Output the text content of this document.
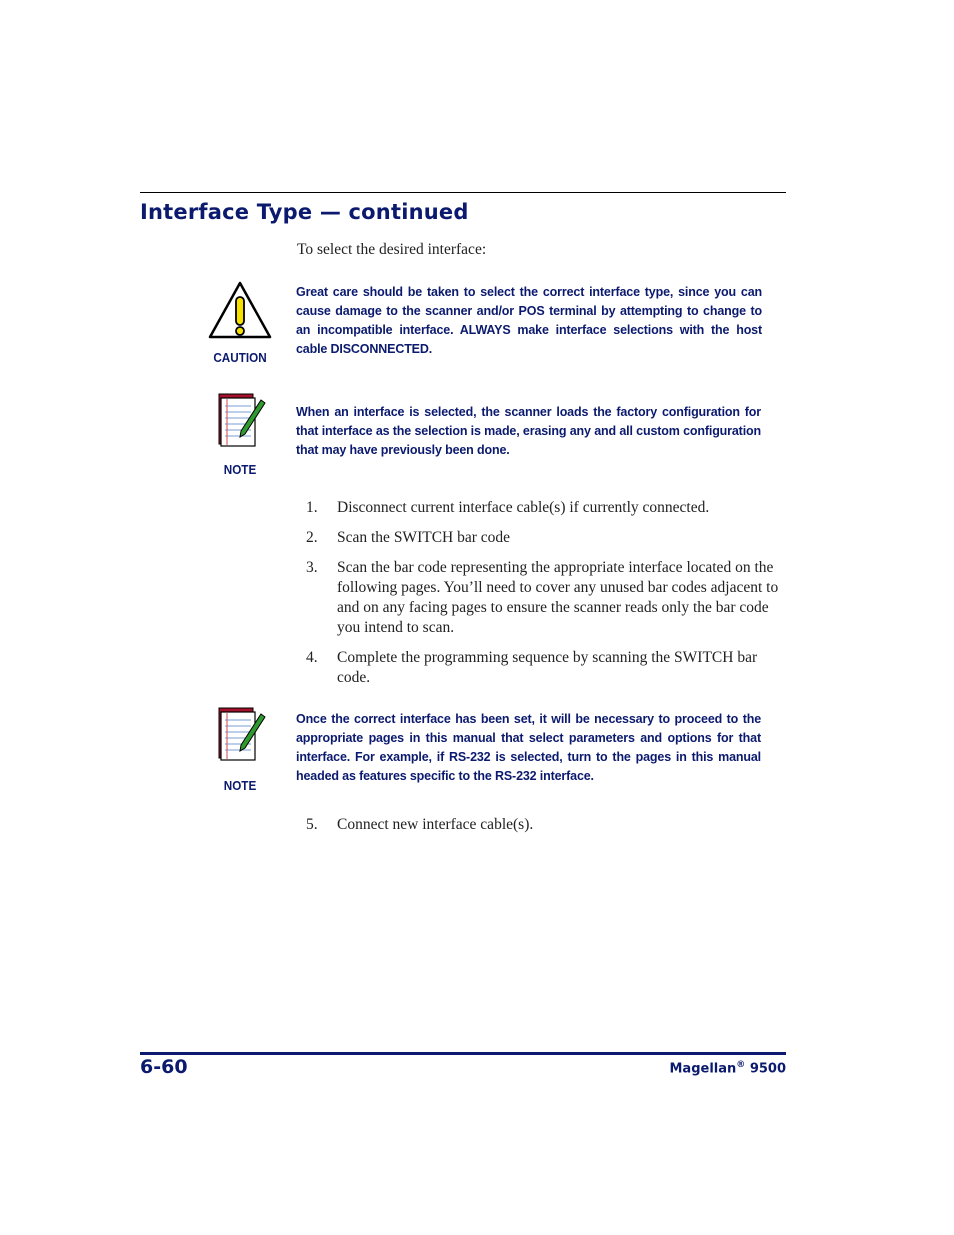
Interface Type — continued
To select the desired interface:
CAUTION
Great care should be taken to select the correct interface type, since you can cause damage to the scanner and/or POS terminal by attempting to change to an incompatible interface. ALWAYS make interface selections with the host cable DISCONNECTED.
NOTE
When an interface is selected, the scanner loads the factory configuration for that interface as the selection is made, erasing any and all custom configuration that may have previously been done.
1. Disconnect current interface cable(s) if currently connected.
2. Scan the SWITCH bar code
3. Scan the bar code representing the appropriate interface located on the following pages. You’ll need to cover any unused bar codes adjacent to and on any facing pages to ensure the scanner reads only the bar code you intend to scan.
4. Complete the programming sequence by scanning the SWITCH bar code.
NOTE
Once the correct interface has been set, it will be necessary to proceed to the appropriate pages in this manual that select parameters and options for that interface. For example, if RS-232 is selected, turn to the pages in this manual headed as features specific to the RS-232 interface.
5. Connect new interface cable(s).
6-60	Magellan® 9500
